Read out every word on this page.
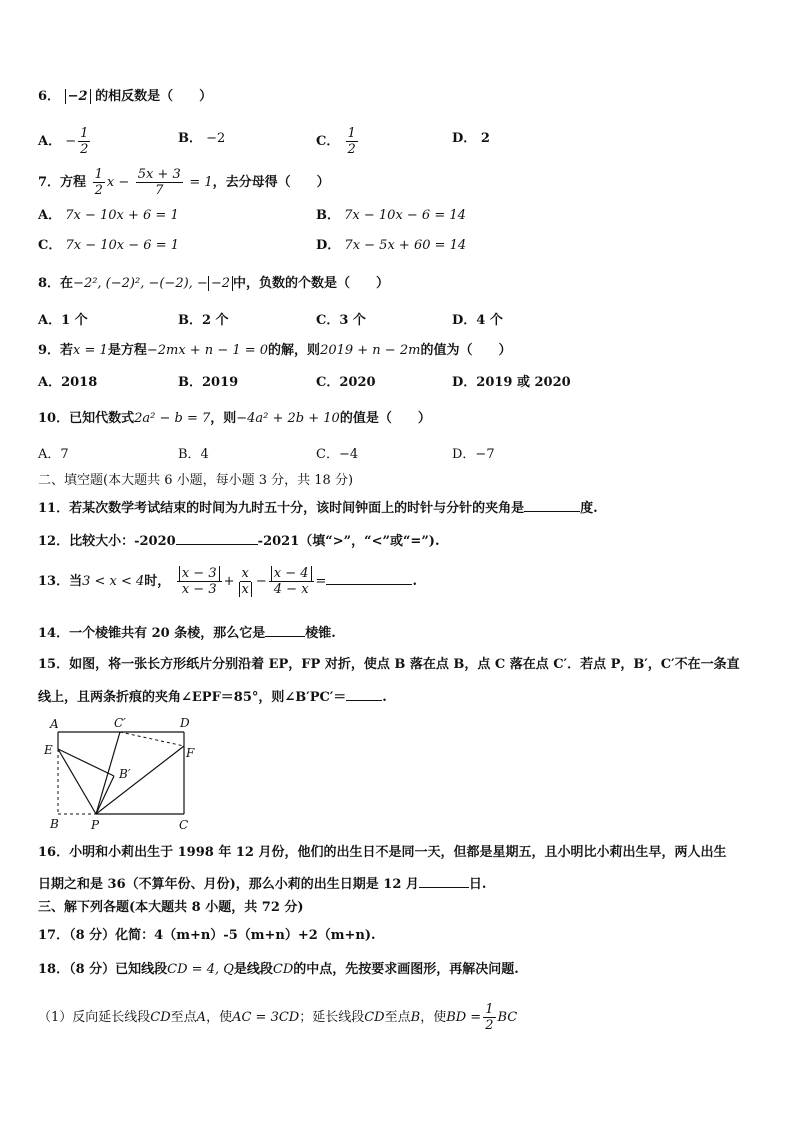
6． −2 的相反数是（　　）
A． − $\frac{1}{2}$	B． −2	C． $\frac{1}{2}$	D． 2
7．方程 $\frac{1}{2}$ $x - \frac{5x + 3}{7} = 1$，去分母得（　　）
A． 7x − 10x + 6 = 1	B． 7x − 10x − 6 = 14
C． 7x − 10x − 6 = 1	D． 7x − 5x + 60 = 14
8．在−2², (−2)², −(−2), − −2 中，负数的个数是（　　）
A．1 个	B．2 个	C．3 个	D．4 个
9．若x = 1是方程−2mx + n − 1 = 0的解，则2019 + n − 2m的值为（　　）
A．2018	B．2019	C．2020	D．2019 或 2020
10．已知代数式2a² − b = 7，则−4a² + 2b + 10的值是（　　）
A．7	B．4	C．−4	D．−7
二、填空题(本大题共 6 小题，每小题 3 分，共 18 分)
11．若某次数学考试结束的时间为九时五十分，该时间钟面上的时针与分针的夹角是	度.
12．比较大小：-2020	-2021（填“>”，“<”或“=”).
13．当3 < x < 4时， $\frac{x - 3}{x - 3} + \frac{x}{x} - \frac{x - 4}{4 - x}$ =	.
14．一个棱锥共有 20 条棱，那么它是	棱锥.
15．如图，将一张长方形纸片分别沿着 EP，FP 对折，使点 B 落在点 B，点 C 落在点 C′．若点 P，B′，C′不在一条直
线上，且两条折痕的夹角∠EPF＝85°，则∠B′PC′＝	.
A	C′	D
E	F
B′
B	P	C
16．小明和小莉出生于 1998 年 12 月份，他们的出生日不是同一天，但都是星期五，且小明比小莉出生早，两人出生
日期之和是 36（不算年份、月份)，那么小莉的出生日期是 12 月	日.
三、解下列各题(本大题共 8 小题，共 72 分)
17．（8 分）化简：4（m+n）-5（m+n）+2（m+n).
18．（8 分）已知线段CD = 4, Q是线段CD的中点，先按要求画图形，再解决问题.
（1）反向延长线段CD至点A，使AC = 3CD；延长线段CD至点B，使BD = $\frac{1}{2}$ BC
